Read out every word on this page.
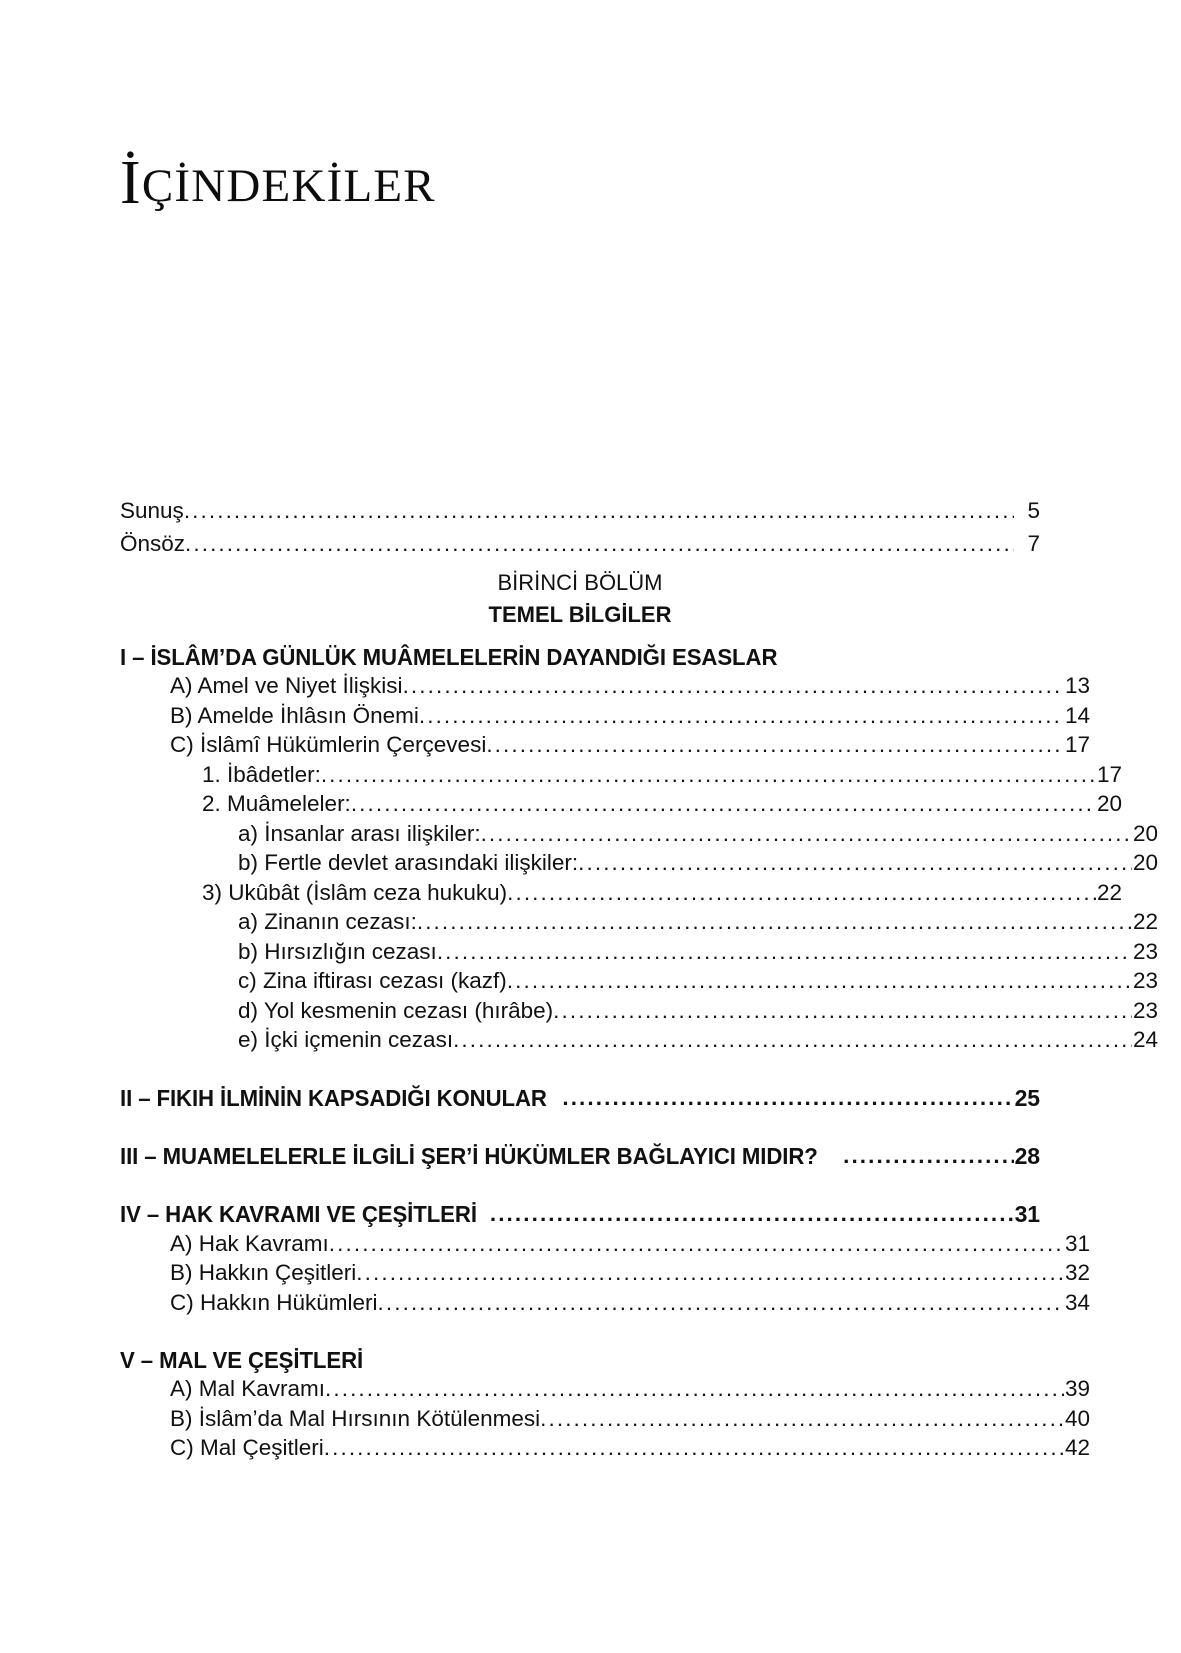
İÇİNDEKİLER
Sunuş .....	5
Önsöz .....	7
BİRİNCİ BÖLÜM
TEMEL BİLGİLER
I – İSLÂM’DA GÜNLÜK MUÂMELELERİN DAYANDIĞI ESASLAR
A) Amel ve Niyet İlişkisi .....	13
B) Amelde İhlâsın Önemi .....	14
C) İslâmî Hükümlerin Çerçevesi .....	17
1. İbâdetler: .....	17
2. Muâmeleler: .....	20
a) İnsanlar arası ilişkiler: .....	20
b) Fertle devlet arasındaki ilişkiler: .....	20
3) Ukûbât (İslâm ceza hukuku) .....	22
a) Zinanın cezası: .....	22
b) Hırsızlığın cezası .....	23
c) Zina iftirası cezası (kazf) .....	23
d) Yol kesmenin cezası (hırâbe) .....	23
e) İçki içmenin cezası .....	24
II – FIKIH İLMİNİN KAPSADIĞI KONULAR .....	25
III – MUAMELELERLE İLGİLİ ŞER’İ HÜKÜMLER BAĞLAYICI MIDIR? .....	28
IV – HAK KAVRAMI VE ÇEŞİTLERİ .....	31
A) Hak Kavramı .....	31
B) Hakkın Çeşitleri .....	32
C) Hakkın Hükümleri .....	34
V – MAL VE ÇEŞİTLERİ
A) Mal Kavramı .....	39
B) İslâm’da Mal Hırsının Kötülenmesi .....	40
C) Mal Çeşitleri .....	42
